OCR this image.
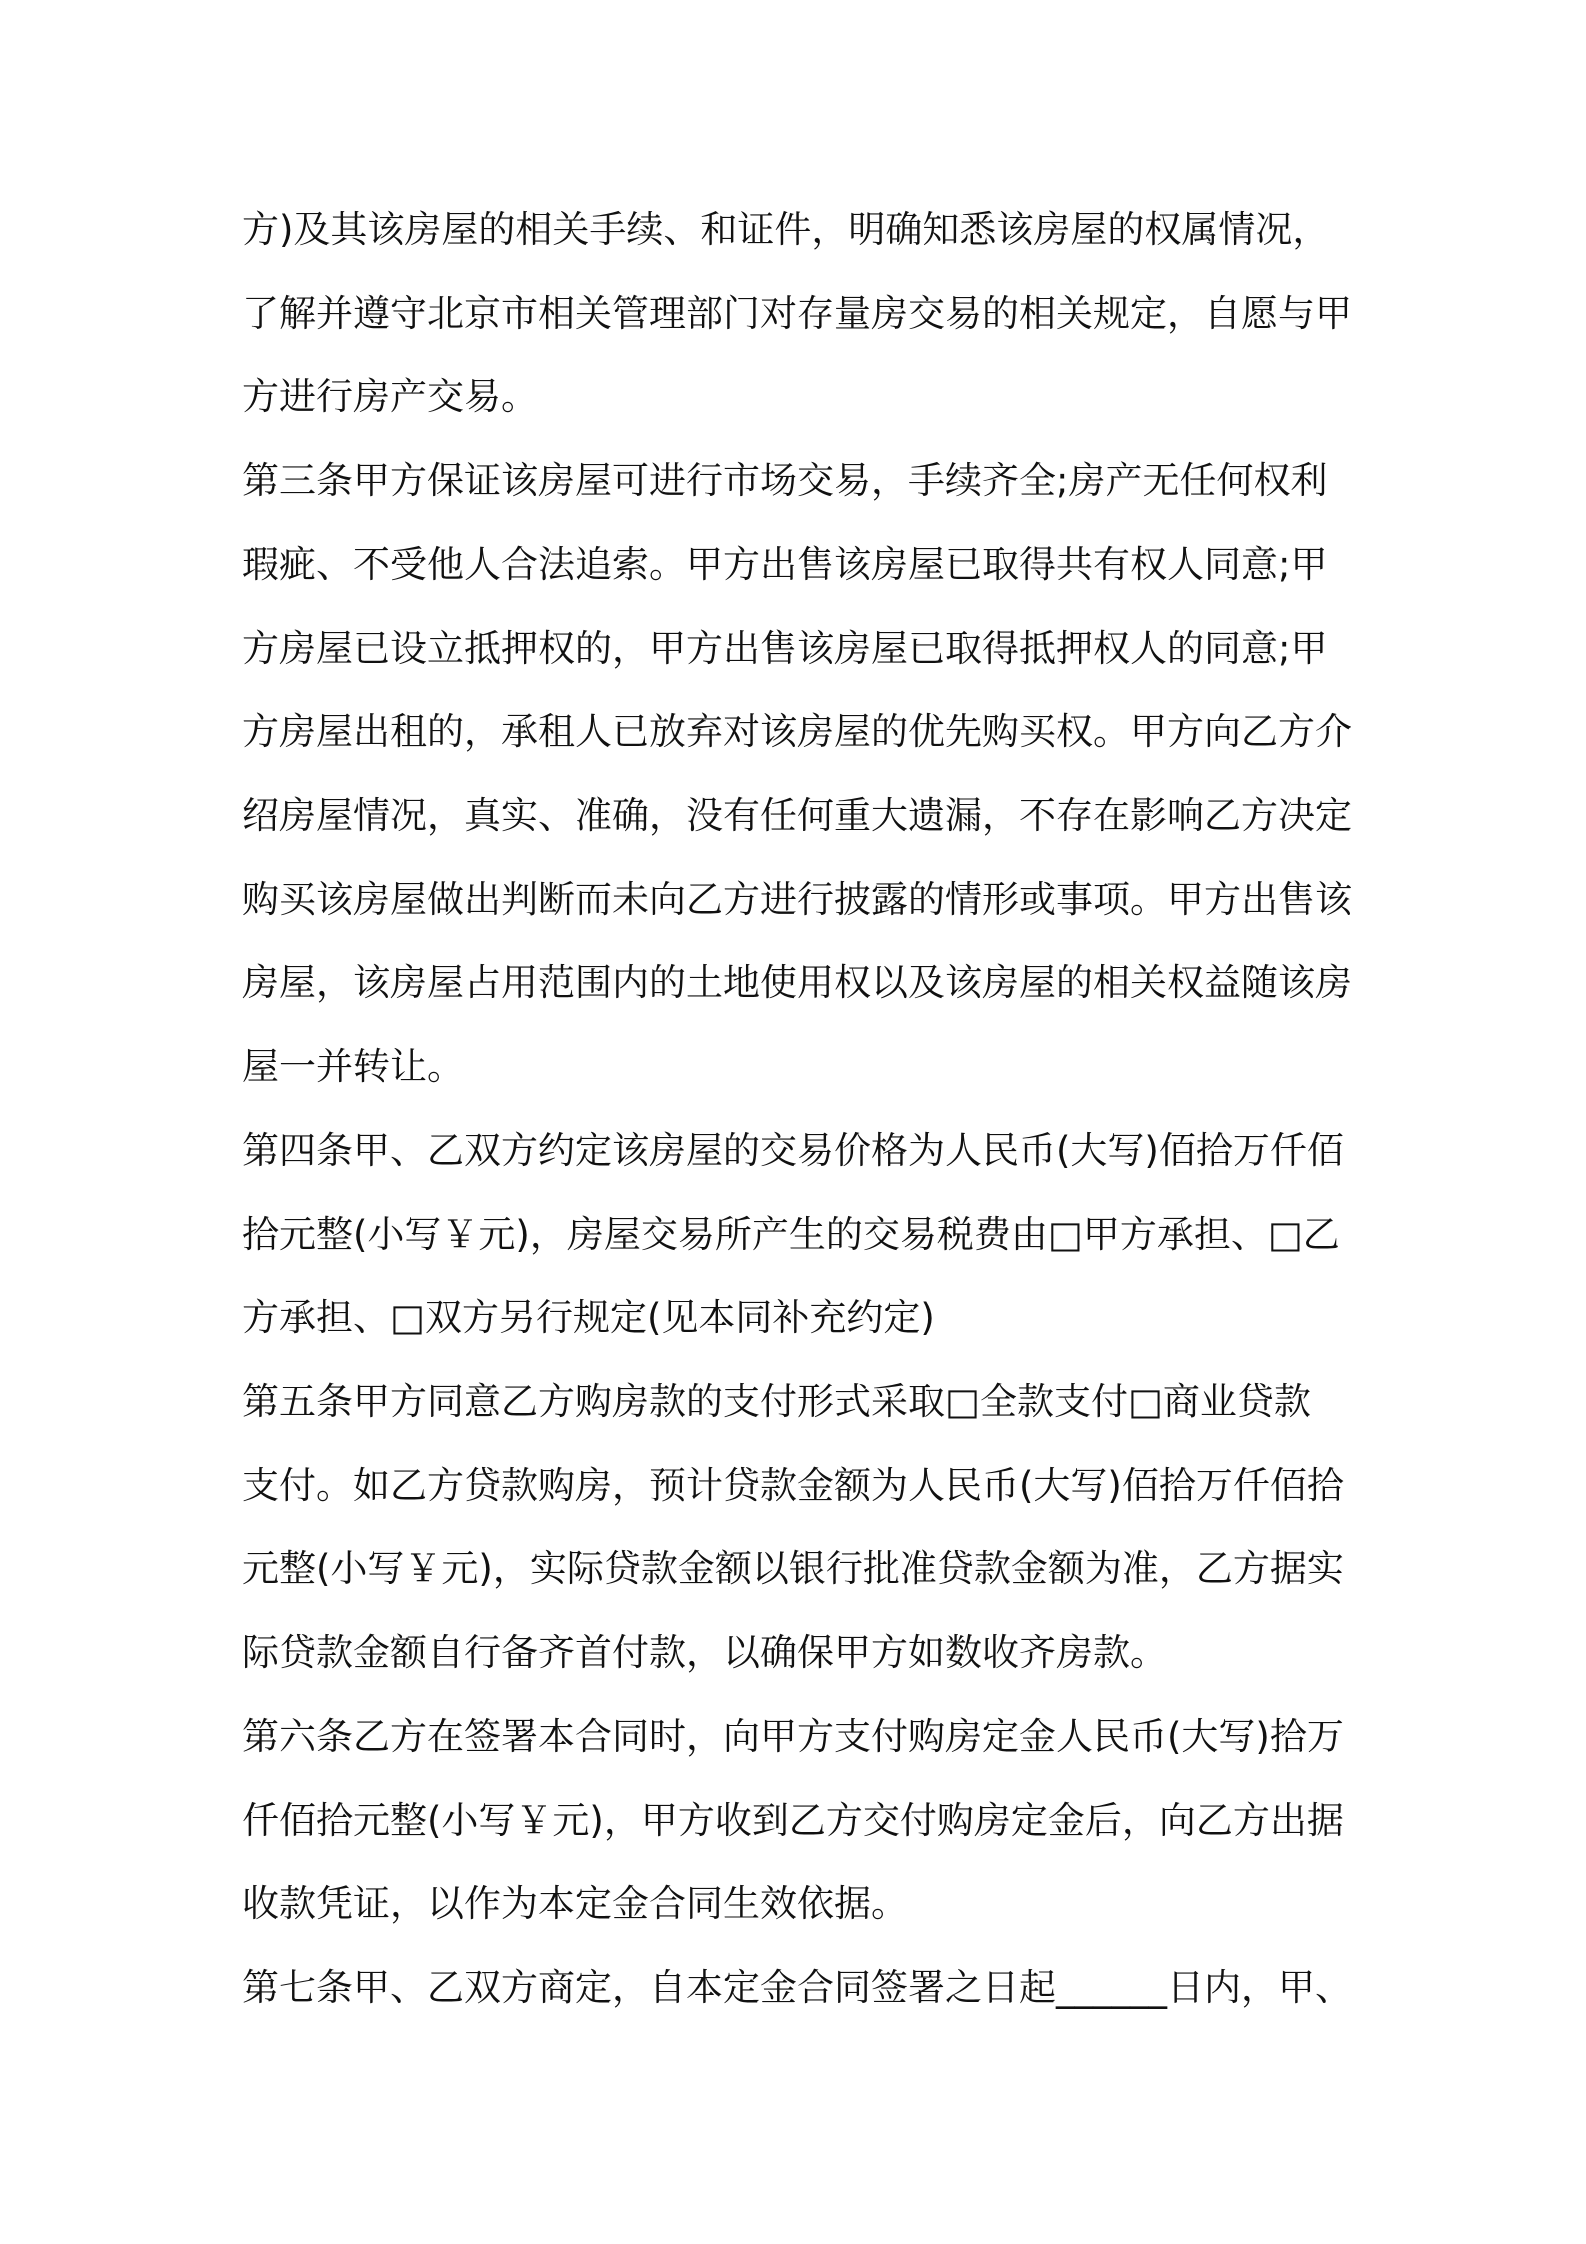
方)及其该房屋的相关手续、和证件，明确知悉该房屋的权属情况，
了解并遵守北京市相关管理部门对存量房交易的相关规定，自愿与甲
方进行房产交易。
第三条甲方保证该房屋可进行市场交易，手续齐全;房产无任何权利
瑕疵、不受他人合法追索。甲方出售该房屋已取得共有权人同意;甲
方房屋已设立抵押权的，甲方出售该房屋已取得抵押权人的同意;甲
方房屋出租的，承租人已放弃对该房屋的优先购买权。甲方向乙方介
绍房屋情况，真实、准确，没有任何重大遗漏，不存在影响乙方决定
购买该房屋做出判断而未向乙方进行披露的情形或事项。甲方出售该
房屋，该房屋占用范围内的土地使用权以及该房屋的相关权益随该房
屋一并转让。
第四条甲、乙双方约定该房屋的交易价格为人民币(大写)佰拾万仟佰
拾元整(小写￥元)，房屋交易所产生的交易税费由□甲方承担、□乙
方承担、□双方另行规定(见本同补充约定)
第五条甲方同意乙方购房款的支付形式采取□全款支付□商业贷款
支付。如乙方贷款购房，预计贷款金额为人民币(大写)佰拾万仟佰拾
元整(小写￥元)，实际贷款金额以银行批准贷款金额为准，乙方据实
际贷款金额自行备齐首付款，以确保甲方如数收齐房款。
第六条乙方在签署本合同时，向甲方支付购房定金人民币(大写)拾万
仟佰拾元整(小写￥元)，甲方收到乙方交付购房定金后，向乙方出据
收款凭证，以作为本定金合同生效依据。
第七条甲、乙双方商定，自本定金合同签署之日起______日内，甲、
